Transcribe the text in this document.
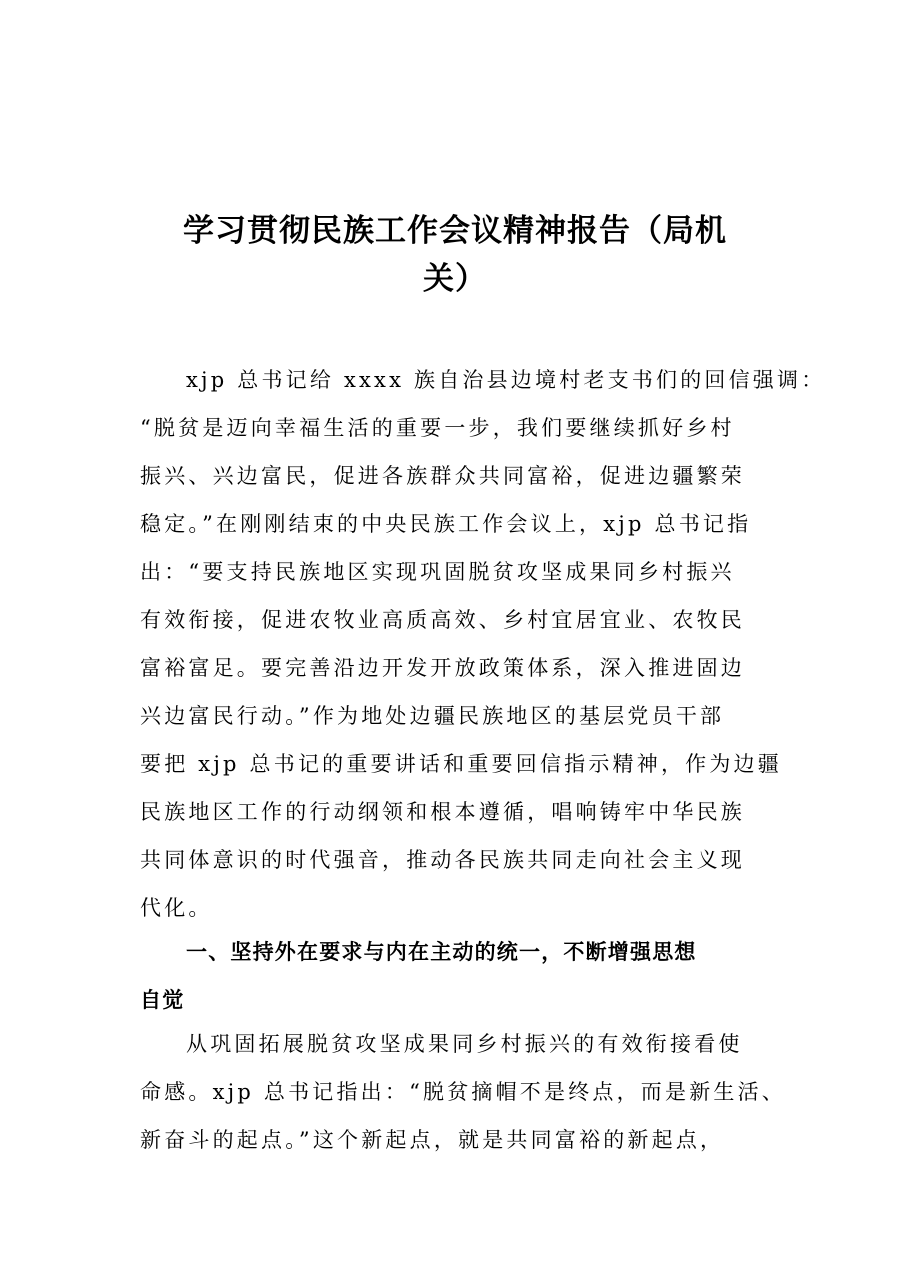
学习贯彻民族工作会议精神报告（局机
关）
xjp 总书记给 xxxx 族自治县边境村老支书们的回信强调：
“脱贫是迈向幸福生活的重要一步，我们要继续抓好乡村
振兴、兴边富民，促进各族群众共同富裕，促进边疆繁荣
稳定。”在刚刚结束的中央民族工作会议上，xjp 总书记指
出：“要支持民族地区实现巩固脱贫攻坚成果同乡村振兴
有效衔接，促进农牧业高质高效、乡村宜居宜业、农牧民
富裕富足。要完善沿边开发开放政策体系，深入推进固边
兴边富民行动。”作为地处边疆民族地区的基层党员干部
要把 xjp 总书记的重要讲话和重要回信指示精神，作为边疆
民族地区工作的行动纲领和根本遵循，唱响铸牢中华民族
共同体意识的时代强音，推动各民族共同走向社会主义现
代化。
一、坚持外在要求与内在主动的统一，不断增强思想
自觉
从巩固拓展脱贫攻坚成果同乡村振兴的有效衔接看使
命感。xjp 总书记指出：“脱贫摘帽不是终点，而是新生活、
新奋斗的起点。”这个新起点，就是共同富裕的新起点，
